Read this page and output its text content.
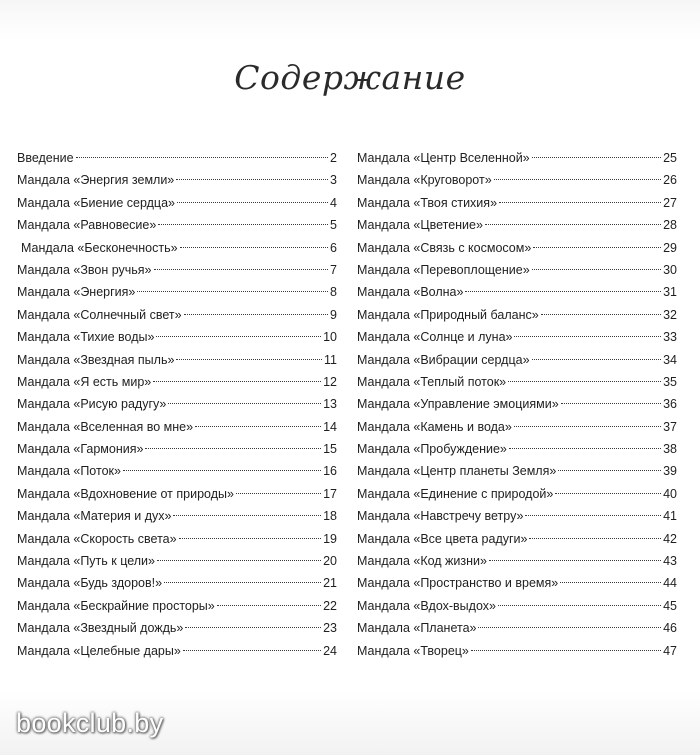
Содержание
Введение	2
Мандала «Энергия земли»	3
Мандала «Биение сердца»	4
Мандала «Равновесие»	5
Мандала «Бесконечность»	6
Мандала «Звон ручья»	7
Мандала «Энергия»	8
Мандала «Солнечный свет»	9
Мандала «Тихие воды»	10
Мандала «Звездная пыль»	11
Мандала «Я есть мир»	12
Мандала «Рисую радугу»	13
Мандала «Вселенная во мне»	14
Мандала «Гармония»	15
Мандала «Поток»	16
Мандала «Вдохновение от природы»	17
Мандала «Материя и дух»	18
Мандала «Скорость света»	19
Мандала «Путь к цели»	20
Мандала «Будь здоров!»	21
Мандала «Бескрайние просторы»	22
Мандала «Звездный дождь»	23
Мандала «Целебные дары»	24
Мандала «Центр Вселенной»	25
Мандала «Круговорот»	26
Мандала «Твоя стихия»	27
Мандала «Цветение»	28
Мандала «Связь с космосом»	29
Мандала «Перевоплощение»	30
Мандала «Волна»	31
Мандала «Природный баланс»	32
Мандала «Солнце и луна»	33
Мандала «Вибрации сердца»	34
Мандала «Теплый поток»	35
Мандала «Управление эмоциями»	36
Мандала «Камень и вода»	37
Мандала «Пробуждение»	38
Мандала «Центр планеты Земля»	39
Мандала «Единение с природой»	40
Мандала «Навстречу ветру»	41
Мандала «Все цвета радуги»	42
Мандала «Код жизни»	43
Мандала «Пространство и время»	44
Мандала «Вдох-выдох»	45
Мандала «Планета»	46
Мандала «Творец»	47
bookclub.by
